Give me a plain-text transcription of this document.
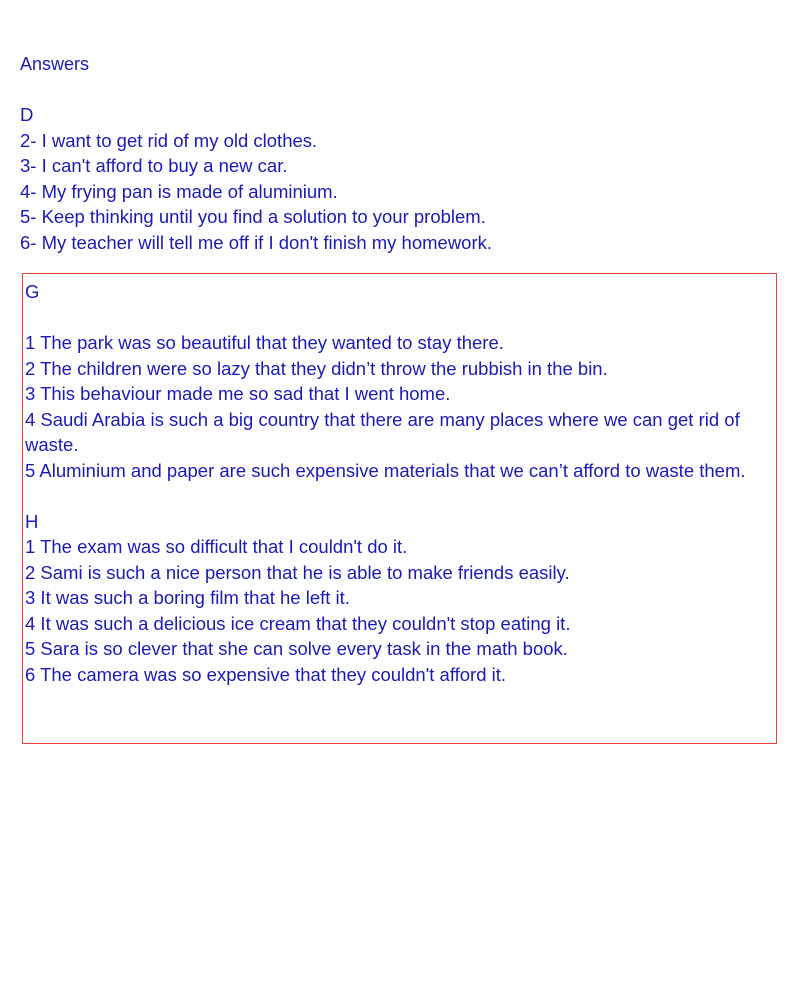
Answers

D
2- I want to get rid of my old clothes.
3- I can't afford to buy a new car.
4- My frying pan is made of aluminium.
5- Keep thinking until you find a solution to your problem.
6- My teacher will tell me off if I don't finish my homework.
G
1 The park was so beautiful that they wanted to stay there.
2 The children were so lazy that they didn’t throw the rubbish in the bin.
3 This behaviour made me so sad that I went home.
4 Saudi Arabia is such a big country that there are many places where we can get rid of waste.
5 Aluminium and paper are such expensive materials that we can’t afford to waste them.
H
1 The exam was so difficult that I couldn't do it.
2 Sami is such a nice person that he is able to make friends easily.
3 It was such a boring film that he left it.
4 It was such a delicious ice cream that they couldn't stop eating it.
5 Sara is so clever that she can solve every task in the math book.
6 The camera was so expensive that they couldn't afford it.
